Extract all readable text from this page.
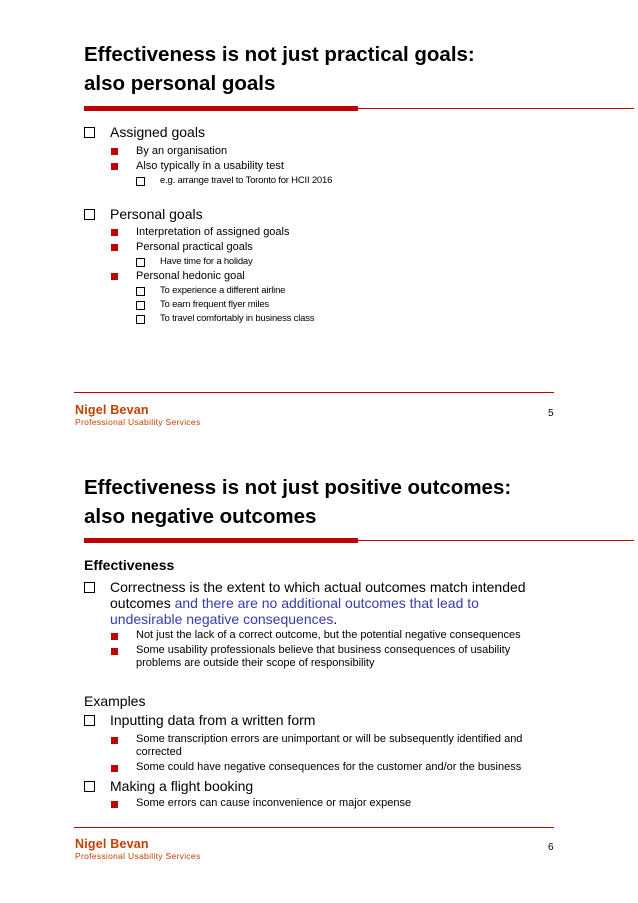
Effectiveness is not just practical goals:
also personal goals
Assigned goals
By an organisation
Also typically in a usability test
e.g. arrange travel to Toronto for HCII 2016
Personal goals
Interpretation of assigned goals
Personal practical goals
Have time for a holiday
Personal hedonic goal
To experience a different airline
To earn frequent flyer miles
To travel comfortably in business class
Nigel Bevan
Professional Usability Services
5
Effectiveness is not just positive outcomes:
also negative outcomes
Effectiveness
Correctness is the extent to which actual outcomes match intended
outcomes and there are no additional outcomes that lead to
undesirable negative consequences.
Not just the lack of a correct outcome, but the potential negative consequences
Some usability professionals believe that business consequences of usability
problems are outside their scope of responsibility
Examples
Inputting data from a written form
Some transcription errors are unimportant or will be subsequently identified and
corrected
Some could have negative consequences for the customer and/or the business
Making a flight booking
Some errors can cause inconvenience or major expense
Nigel Bevan
Professional Usability Services
6
